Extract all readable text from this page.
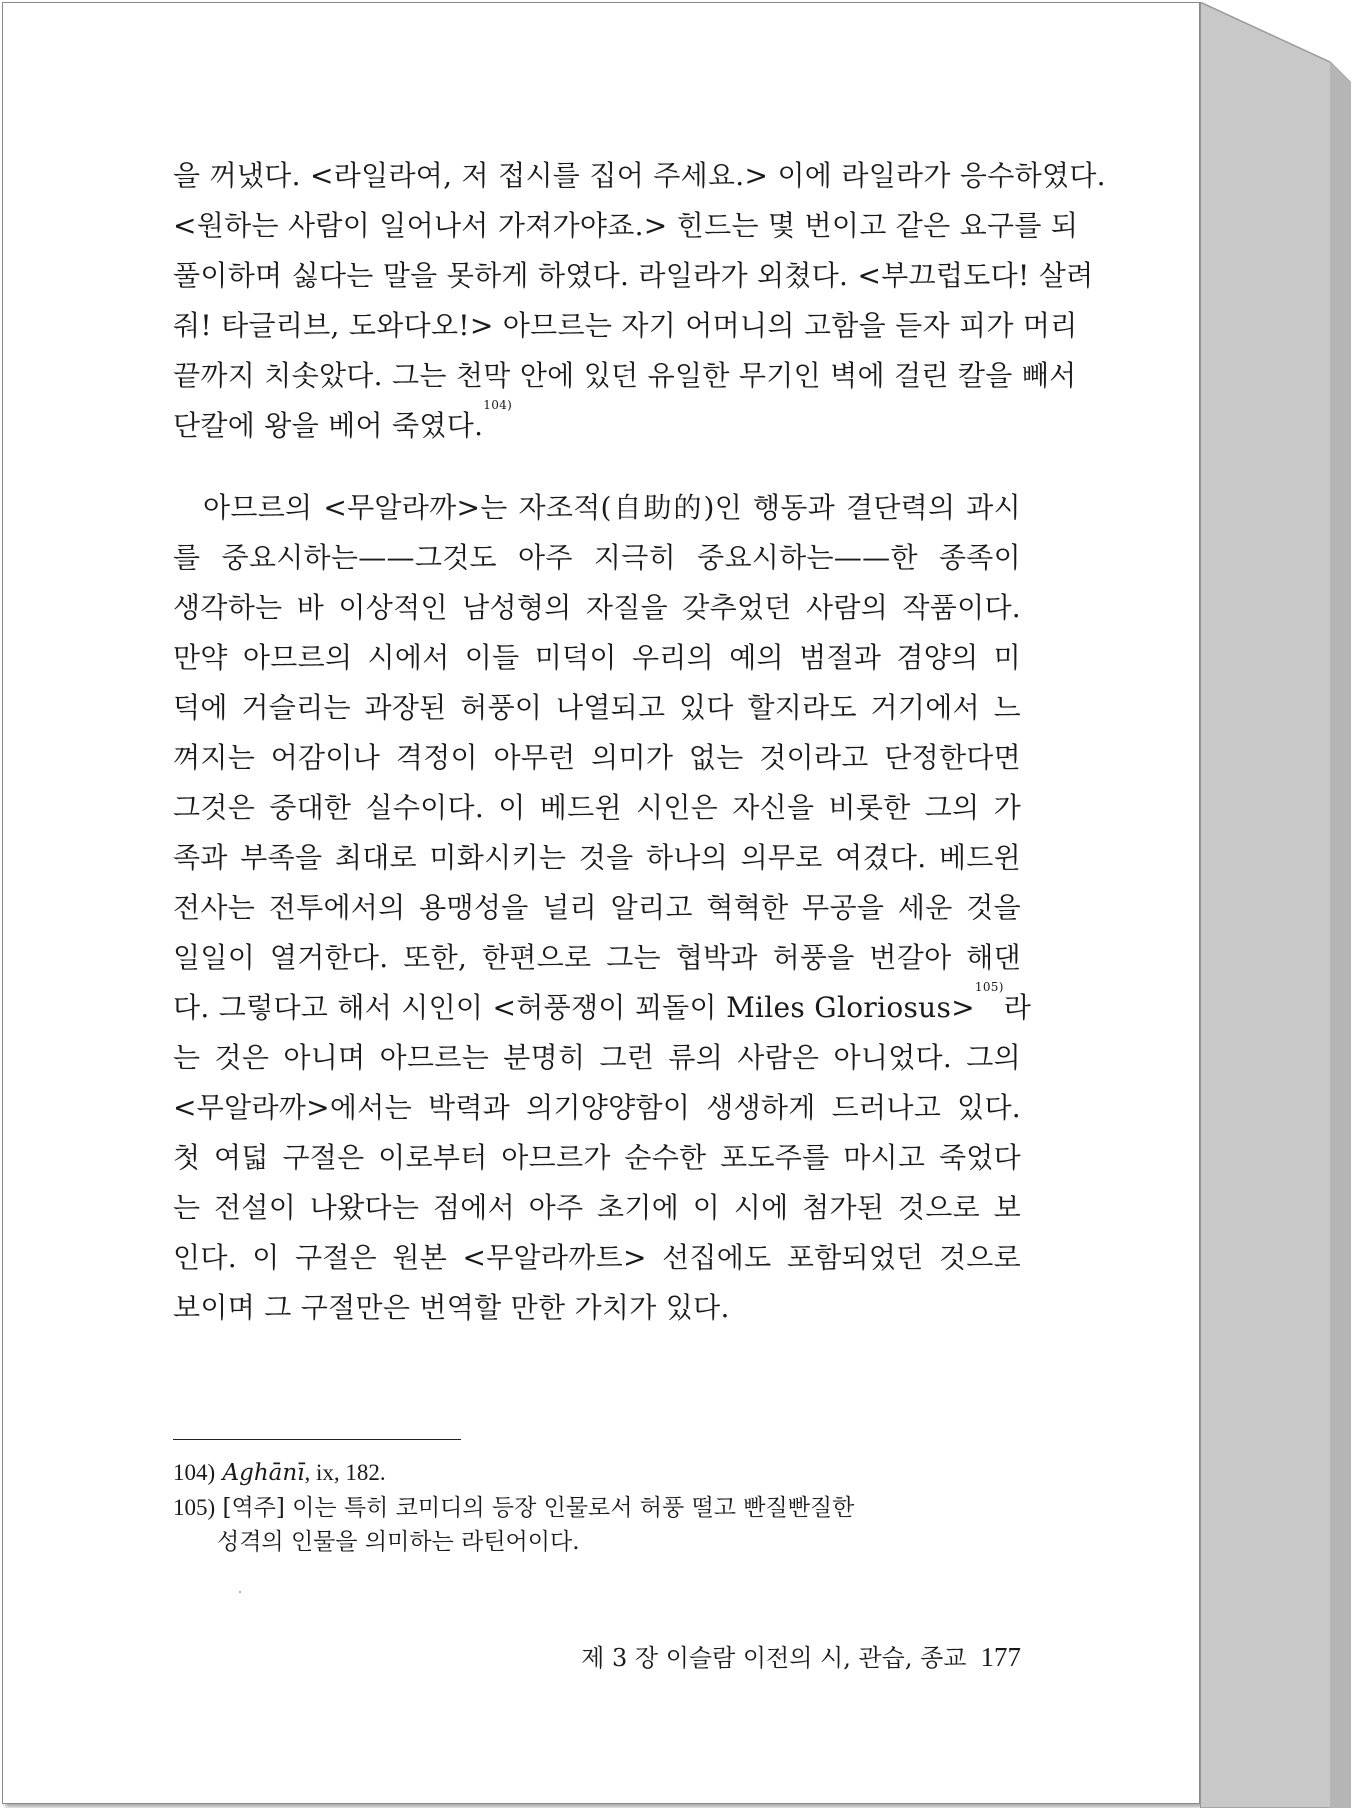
을 꺼냈다. <라일라여, 저 접시를 집어 주세요.> 이에 라일라가 응수하였다.
<원하는 사람이 일어나서 가져가야죠.> 힌드는 몇 번이고 같은 요구를 되
풀이하며 싫다는 말을 못하게 하였다. 라일라가 외쳤다. <부끄럽도다! 살려
줘! 타글리브, 도와다오!> 아므르는 자기 어머니의 고함을 듣자 피가 머리
끝까지 치솟았다. 그는 천막 안에 있던 유일한 무기인 벽에 걸린 칼을 빼서
단칼에 왕을 베어 죽였다.$^{104)}$
　아므르의 <무알라까>는 자조적(自助的)인 행동과 결단력의 과시
를 중요시하는——그것도 아주 지극히 중요시하는——한 종족이
생각하는 바 이상적인 남성형의 자질을 갖추었던 사람의 작품이다.
만약 아므르의 시에서 이들 미덕이 우리의 예의 범절과 겸양의 미
덕에 거슬리는 과장된 허풍이 나열되고 있다 할지라도 거기에서 느
껴지는 어감이나 격정이 아무런 의미가 없는 것이라고 단정한다면
그것은 중대한 실수이다. 이 베드윈 시인은 자신을 비롯한 그의 가
족과 부족을 최대로 미화시키는 것을 하나의 의무로 여겼다. 베드윈
전사는 전투에서의 용맹성을 널리 알리고 혁혁한 무공을 세운 것을
일일이 열거한다. 또한, 한편으로 그는 협박과 허풍을 번갈아 해댄
다. 그렇다고 해서 시인이 <허풍쟁이 꾀돌이 Miles Gloriosus>$^{105)}$라
는 것은 아니며 아므르는 분명히 그런 류의 사람은 아니었다. 그의
<무알라까>에서는 박력과 의기양양함이 생생하게 드러나고 있다.
첫 여덟 구절은 이로부터 아므르가 순수한 포도주를 마시고 죽었다
는 전설이 나왔다는 점에서 아주 초기에 이 시에 첨가된 것으로 보
인다. 이 구절은 원본 <무알라까트> 선집에도 포함되었던 것으로
보이며 그 구절만은 번역할 만한 가치가 있다.

104) Aghānī, ix, 182.

105) [역주] 이는 특히 코미디의 등장 인물로서 허풍 떨고 빤질빤질한
성격의 인물을 의미하는 라틴어이다.

제 3 장 이슬람 이전의 시, 관습, 종교 177
